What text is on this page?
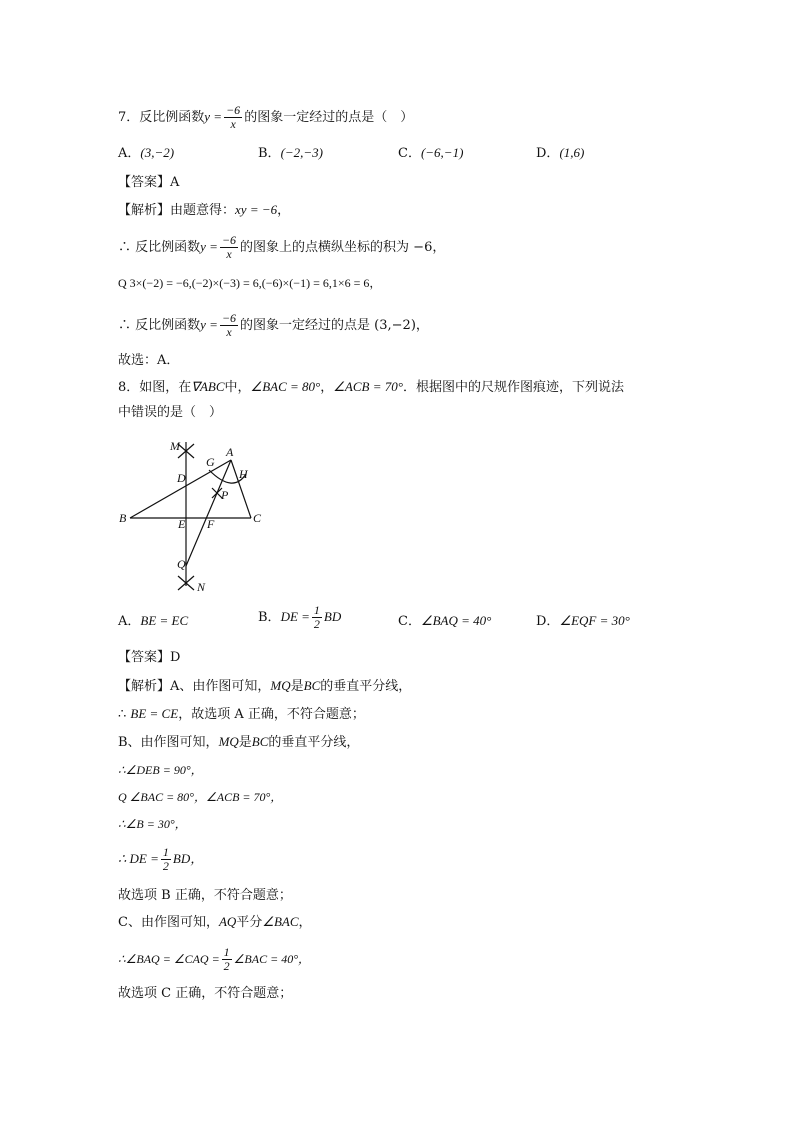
7．反比例函数$y = \frac{-6}{x}$ 的图象一定经过的点是（　）
A．(3,−2)	B．(−2,−3)	C．(−6,−1)	D．(1,6)
【答案】A
【解析】由题意得：xy = −6，
∴ 反比例函数$y = \frac{-6}{x}$ 的图象上的点横纵坐标的积为 −6，
Q 3×(−2) = −6,(−2)×(−3) = 6,(−6)×(−1) = 6,1×6 = 6，
∴ 反比例函数$y = \frac{-6}{x}$ 的图象一定经过的点是 (3,−2)，
故选：A．
8．如图，在∇ABC中，∠BAC = 80°，∠ACB = 70°．根据图中的尺规作图痕迹，下列说法
中错误的是（　）
M	A
G
H
D
P
B	E F	C
Q
N
A．BE = EC	B．DE = $\frac{1}{2}$ BD	C．∠BAQ = 40°	D．∠EQF = 30°
【答案】D
【解析】A、由作图可知，MQ是BC的垂直平分线，
∴ BE = CE，故选项 A 正确，不符合题意；
B、由作图可知，MQ是BC的垂直平分线，
∴∠DEB = 90°，
Q ∠BAC = 80°，∠ACB = 70°，
∴∠B = 30°，
∴ DE = $\frac{1}{2}$ BD，
故选项 B 正确，不符合题意；
C、由作图可知，AQ平分∠BAC，
∴∠BAQ = ∠CAQ = $\frac{1}{2}$ ∠BAC = 40°，
故选项 C 正确，不符合题意；
